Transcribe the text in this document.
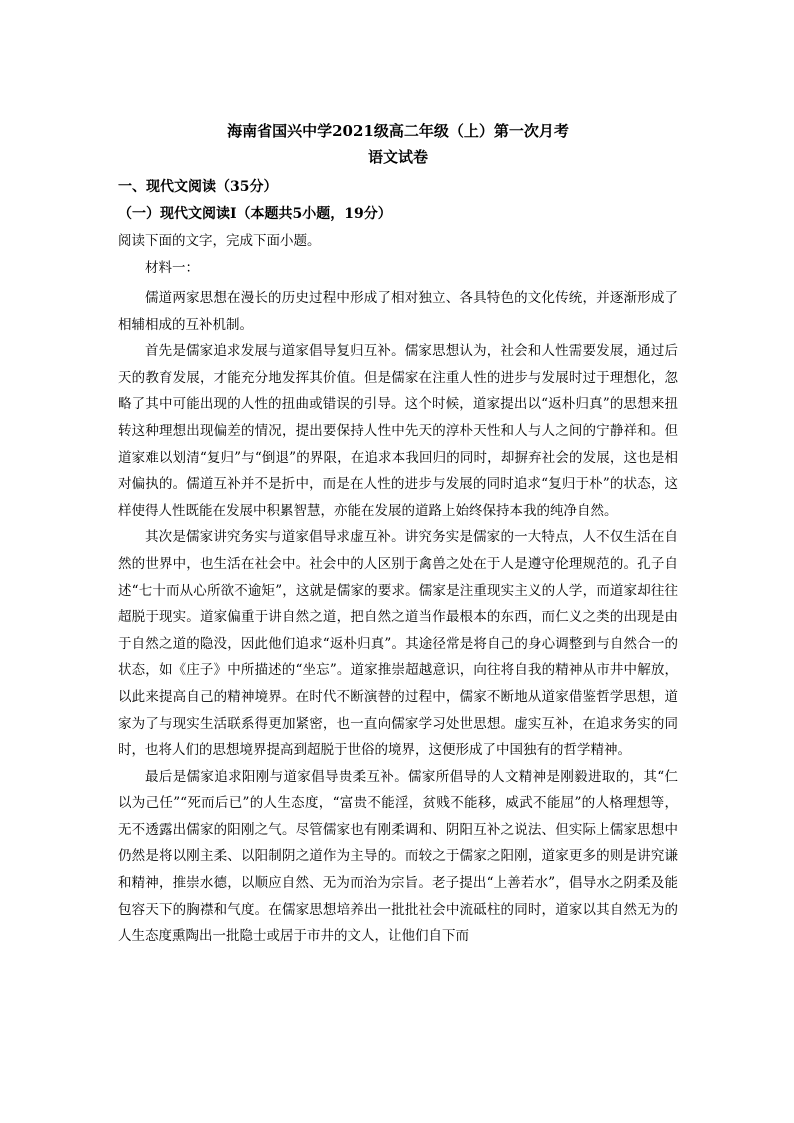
海南省国兴中学2021级高二年级（上）第一次月考

语文试卷

一、现代文阅读（35分）

（一）现代文阅读Ⅰ（本题共5小题，19分）

阅读下面的文字，完成下面小题。

材料一：

儒道两家思想在漫长的历史过程中形成了相对独立、各具特色的文化传统，并逐渐形成了相辅相成的互补机制。

首先是儒家追求发展与道家倡导复归互补。儒家思想认为，社会和人性需要发展，通过后天的教育发展，才能充分地发挥其价值。但是儒家在注重人性的进步与发展时过于理想化，忽略了其中可能出现的人性的扭曲或错误的引导。这个时候，道家提出以“返朴归真”的思想来扭转这种理想出现偏差的情况，提出要保持人性中先天的淳朴天性和人与人之间的宁静祥和。但道家难以划清“复归”与“倒退”的界限，在追求本我回归的同时，却摒弃社会的发展，这也是相对偏执的。儒道互补并不是折中，而是在人性的进步与发展的同时追求“复归于朴”的状态，这样使得人性既能在发展中积累智慧，亦能在发展的道路上始终保持本我的纯净自然。

其次是儒家讲究务实与道家倡导求虚互补。讲究务实是儒家的一大特点，人不仅生活在自然的世界中，也生活在社会中。社会中的人区别于禽兽之处在于人是遵守伦理规范的。孔子自述“七十而从心所欲不逾矩”，这就是儒家的要求。儒家是注重现实主义的人学，而道家却往往超脱于现实。道家偏重于讲自然之道，把自然之道当作最根本的东西，而仁义之类的出现是由于自然之道的隐没，因此他们追求“返朴归真”。其途径常是将自己的身心调整到与自然合一的状态，如《庄子》中所描述的“坐忘”。道家推崇超越意识，向往将自我的精神从市井中解放，以此来提高自己的精神境界。在时代不断演替的过程中，儒家不断地从道家借鉴哲学思想，道家为了与现实生活联系得更加紧密，也一直向儒家学习处世思想。虚实互补，在追求务实的同时，也将人们的思想境界提高到超脱于世俗的境界，这便形成了中国独有的哲学精神。

最后是儒家追求阳刚与道家倡导贵柔互补。儒家所倡导的人文精神是刚毅进取的，其“仁以为己任”“死而后已”的人生态度，“富贵不能淫，贫贱不能移，威武不能屈”的人格理想等，无不透露出儒家的阳刚之气。尽管儒家也有刚柔调和、阴阳互补之说法、但实际上儒家思想中仍然是将以刚主柔、以阳制阴之道作为主导的。而较之于儒家之阳刚，道家更多的则是讲究谦和精神，推崇水德，以顺应自然、无为而治为宗旨。老子提出“上善若水”，倡导水之阴柔及能包容天下的胸襟和气度。在儒家思想培养出一批批社会中流砥柱的同时，道家以其自然无为的人生态度熏陶出一批隐士或居于市井的文人，让他们自下而
